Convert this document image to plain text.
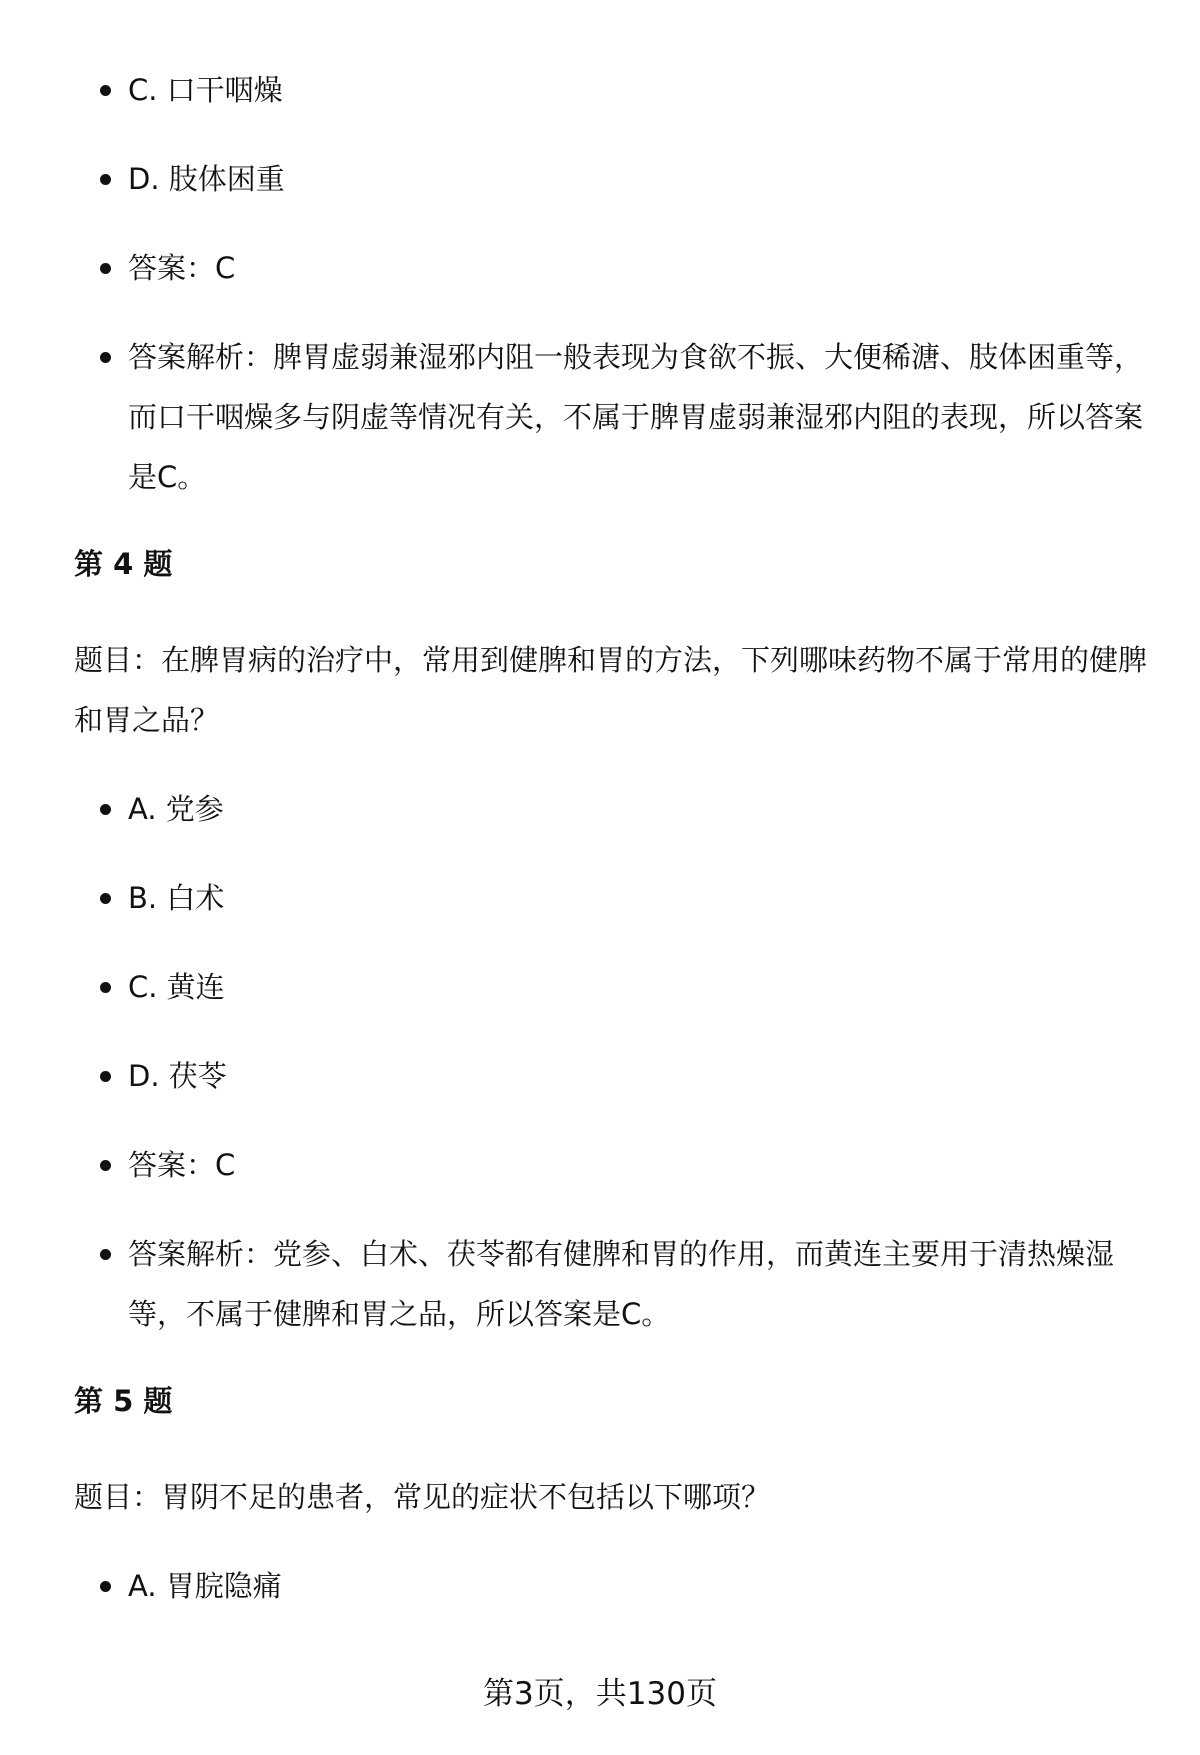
C. 口干咽燥
D. 肢体困重
答案：C
答案解析：脾胃虚弱兼湿邪内阻一般表现为食欲不振、大便稀溏、肢体困重等，而口干咽燥多与阴虚等情况有关，不属于脾胃虚弱兼湿邪内阻的表现，所以答案是C。
第 4 题
题目：在脾胃病的治疗中，常用到健脾和胃的方法，下列哪味药物不属于常用的健脾和胃之品？
A. 党参
B. 白术
C. 黄连
D. 茯苓
答案：C
答案解析：党参、白术、茯苓都有健脾和胃的作用，而黄连主要用于清热燥湿等，不属于健脾和胃之品，所以答案是C。
第 5 题
题目：胃阴不足的患者，常见的症状不包括以下哪项？
A. 胃脘隐痛
第3页，共130页
